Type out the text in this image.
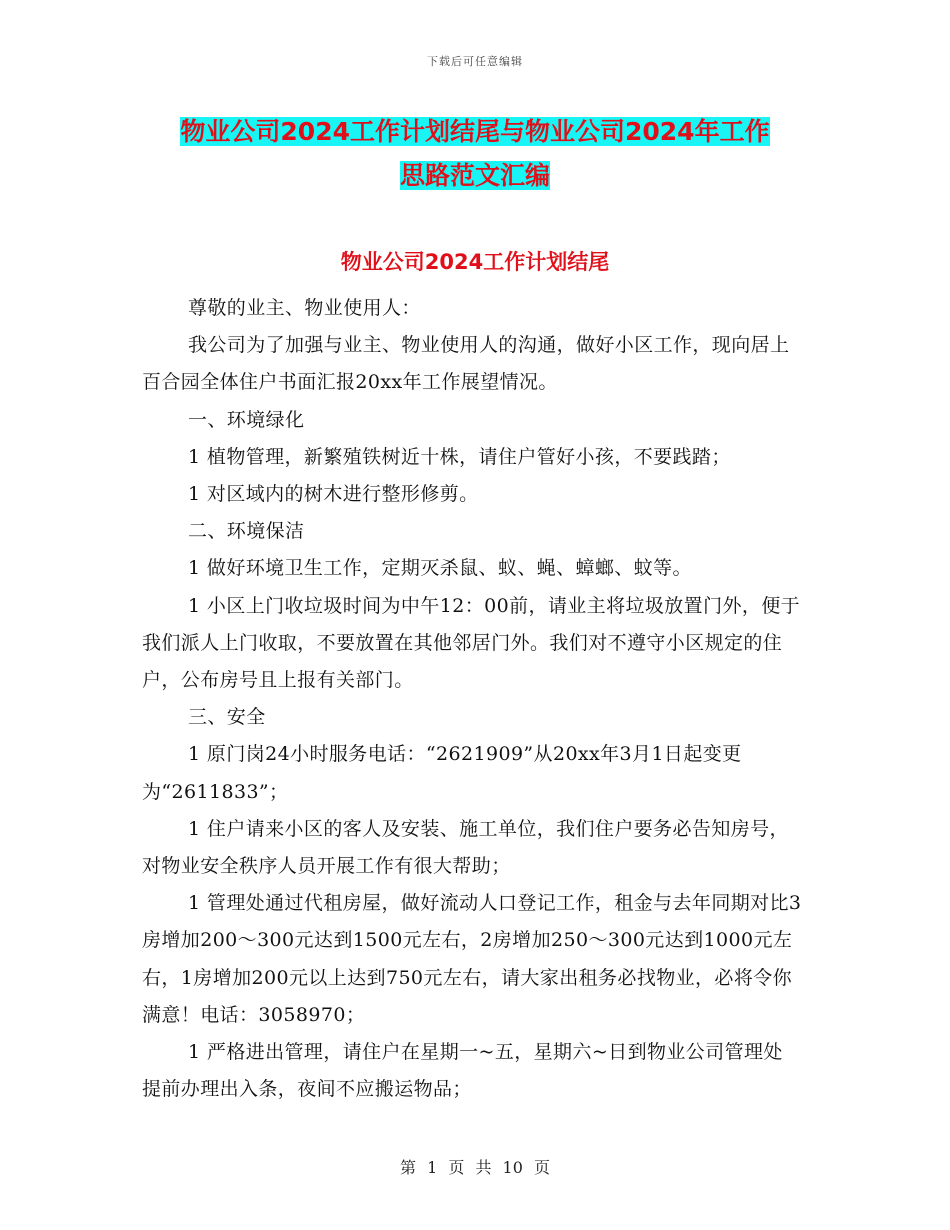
下载后可任意编辑
物业公司2024工作计划结尾与物业公司2024年工作
思路范文汇编
物业公司2024工作计划结尾

尊敬的业主、物业使用人：

我公司为了加强与业主、物业使用人的沟通，做好小区工作，现向居上百合园全体住户书面汇报20xx年工作展望情况。

一、环境绿化

1 植物管理，新繁殖铁树近十株，请住户管好小孩，不要践踏；

1 对区域内的树木进行整形修剪。

二、环境保洁

1 做好环境卫生工作，定期灭杀鼠、蚁、蝇、蟑螂、蚊等。

1 小区上门收垃圾时间为中午12：00前，请业主将垃圾放置门外，便于我们派人上门收取，不要放置在其他邻居门外。我们对不遵守小区规定的住户，公布房号且上报有关部门。

三、安全

1 原门岗24小时服务电话：“2621909”从20xx年3月1日起变更为“2611833”；

1 住户请来小区的客人及安装、施工单位，我们住户要务必告知房号，对物业安全秩序人员开展工作有很大帮助；

1 管理处通过代租房屋，做好流动人口登记工作，租金与去年同期对比3房增加200～300元达到1500元左右，2房增加250～300元达到1000元左右，1房增加200元以上达到750元左右，请大家出租务必找物业，必将令你满意！电话：3058970；

1 严格进出管理，请住户在星期一~五，星期六~日到物业公司管理处提前办理出入条，夜间不应搬运物品；

第 1 页 共 10 页
